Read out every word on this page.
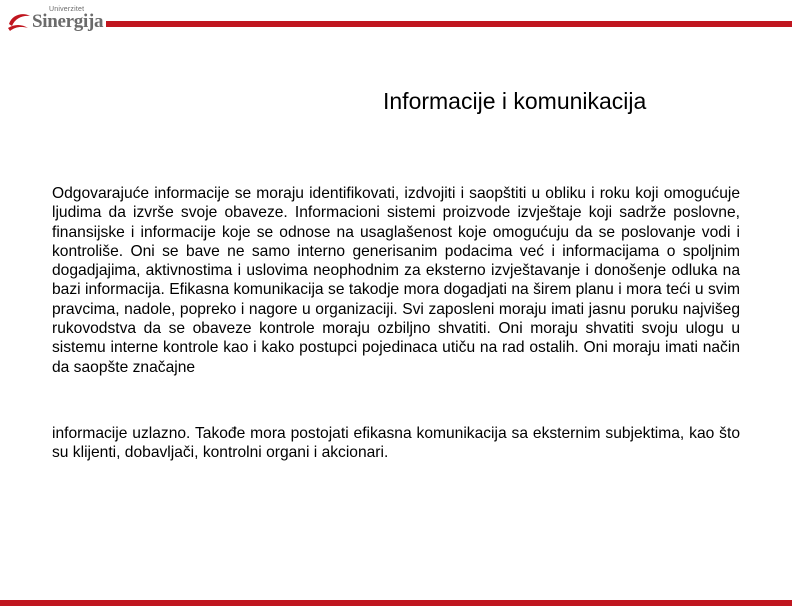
Univerzitet
Sinergija
Informacije i komunikacija

Odgovarajuće informacije se moraju identifikovati, izdvojiti i saopštiti u obliku i roku koji omogućuje ljudima da izvrše svoje obaveze. Informacioni sistemi proizvode izvještaje koji sadrže poslovne, finansijske i informacije koje se odnose na usaglašenost koje omogućuju da se poslovanje vodi i kontroliše. Oni se bave ne samo interno generisanim podacima već i informacijama o spoljnim dogadjajima, aktivnostima i uslovima neophodnim za eksterno izvještavanje i donošenje odluka na bazi informacija. Efikasna komunikacija se takodje mora dogadjati na širem planu i mora teći u svim pravcima, nadole, popreko i nagore u organizaciji. Svi zaposleni moraju imati jasnu poruku najvišeg rukovodstva da se obaveze kontrole moraju ozbiljno shvatiti. Oni moraju shvatiti svoju ulogu u sistemu interne kontrole kao i kako postupci pojedinaca utiču na rad ostalih. Oni moraju imati način da saopšte značajne

informacije uzlazno. Takođe mora postojati efikasna komunikacija sa eksternim subjektima, kao što su klijenti, dobavljači, kontrolni organi i akcionari.
